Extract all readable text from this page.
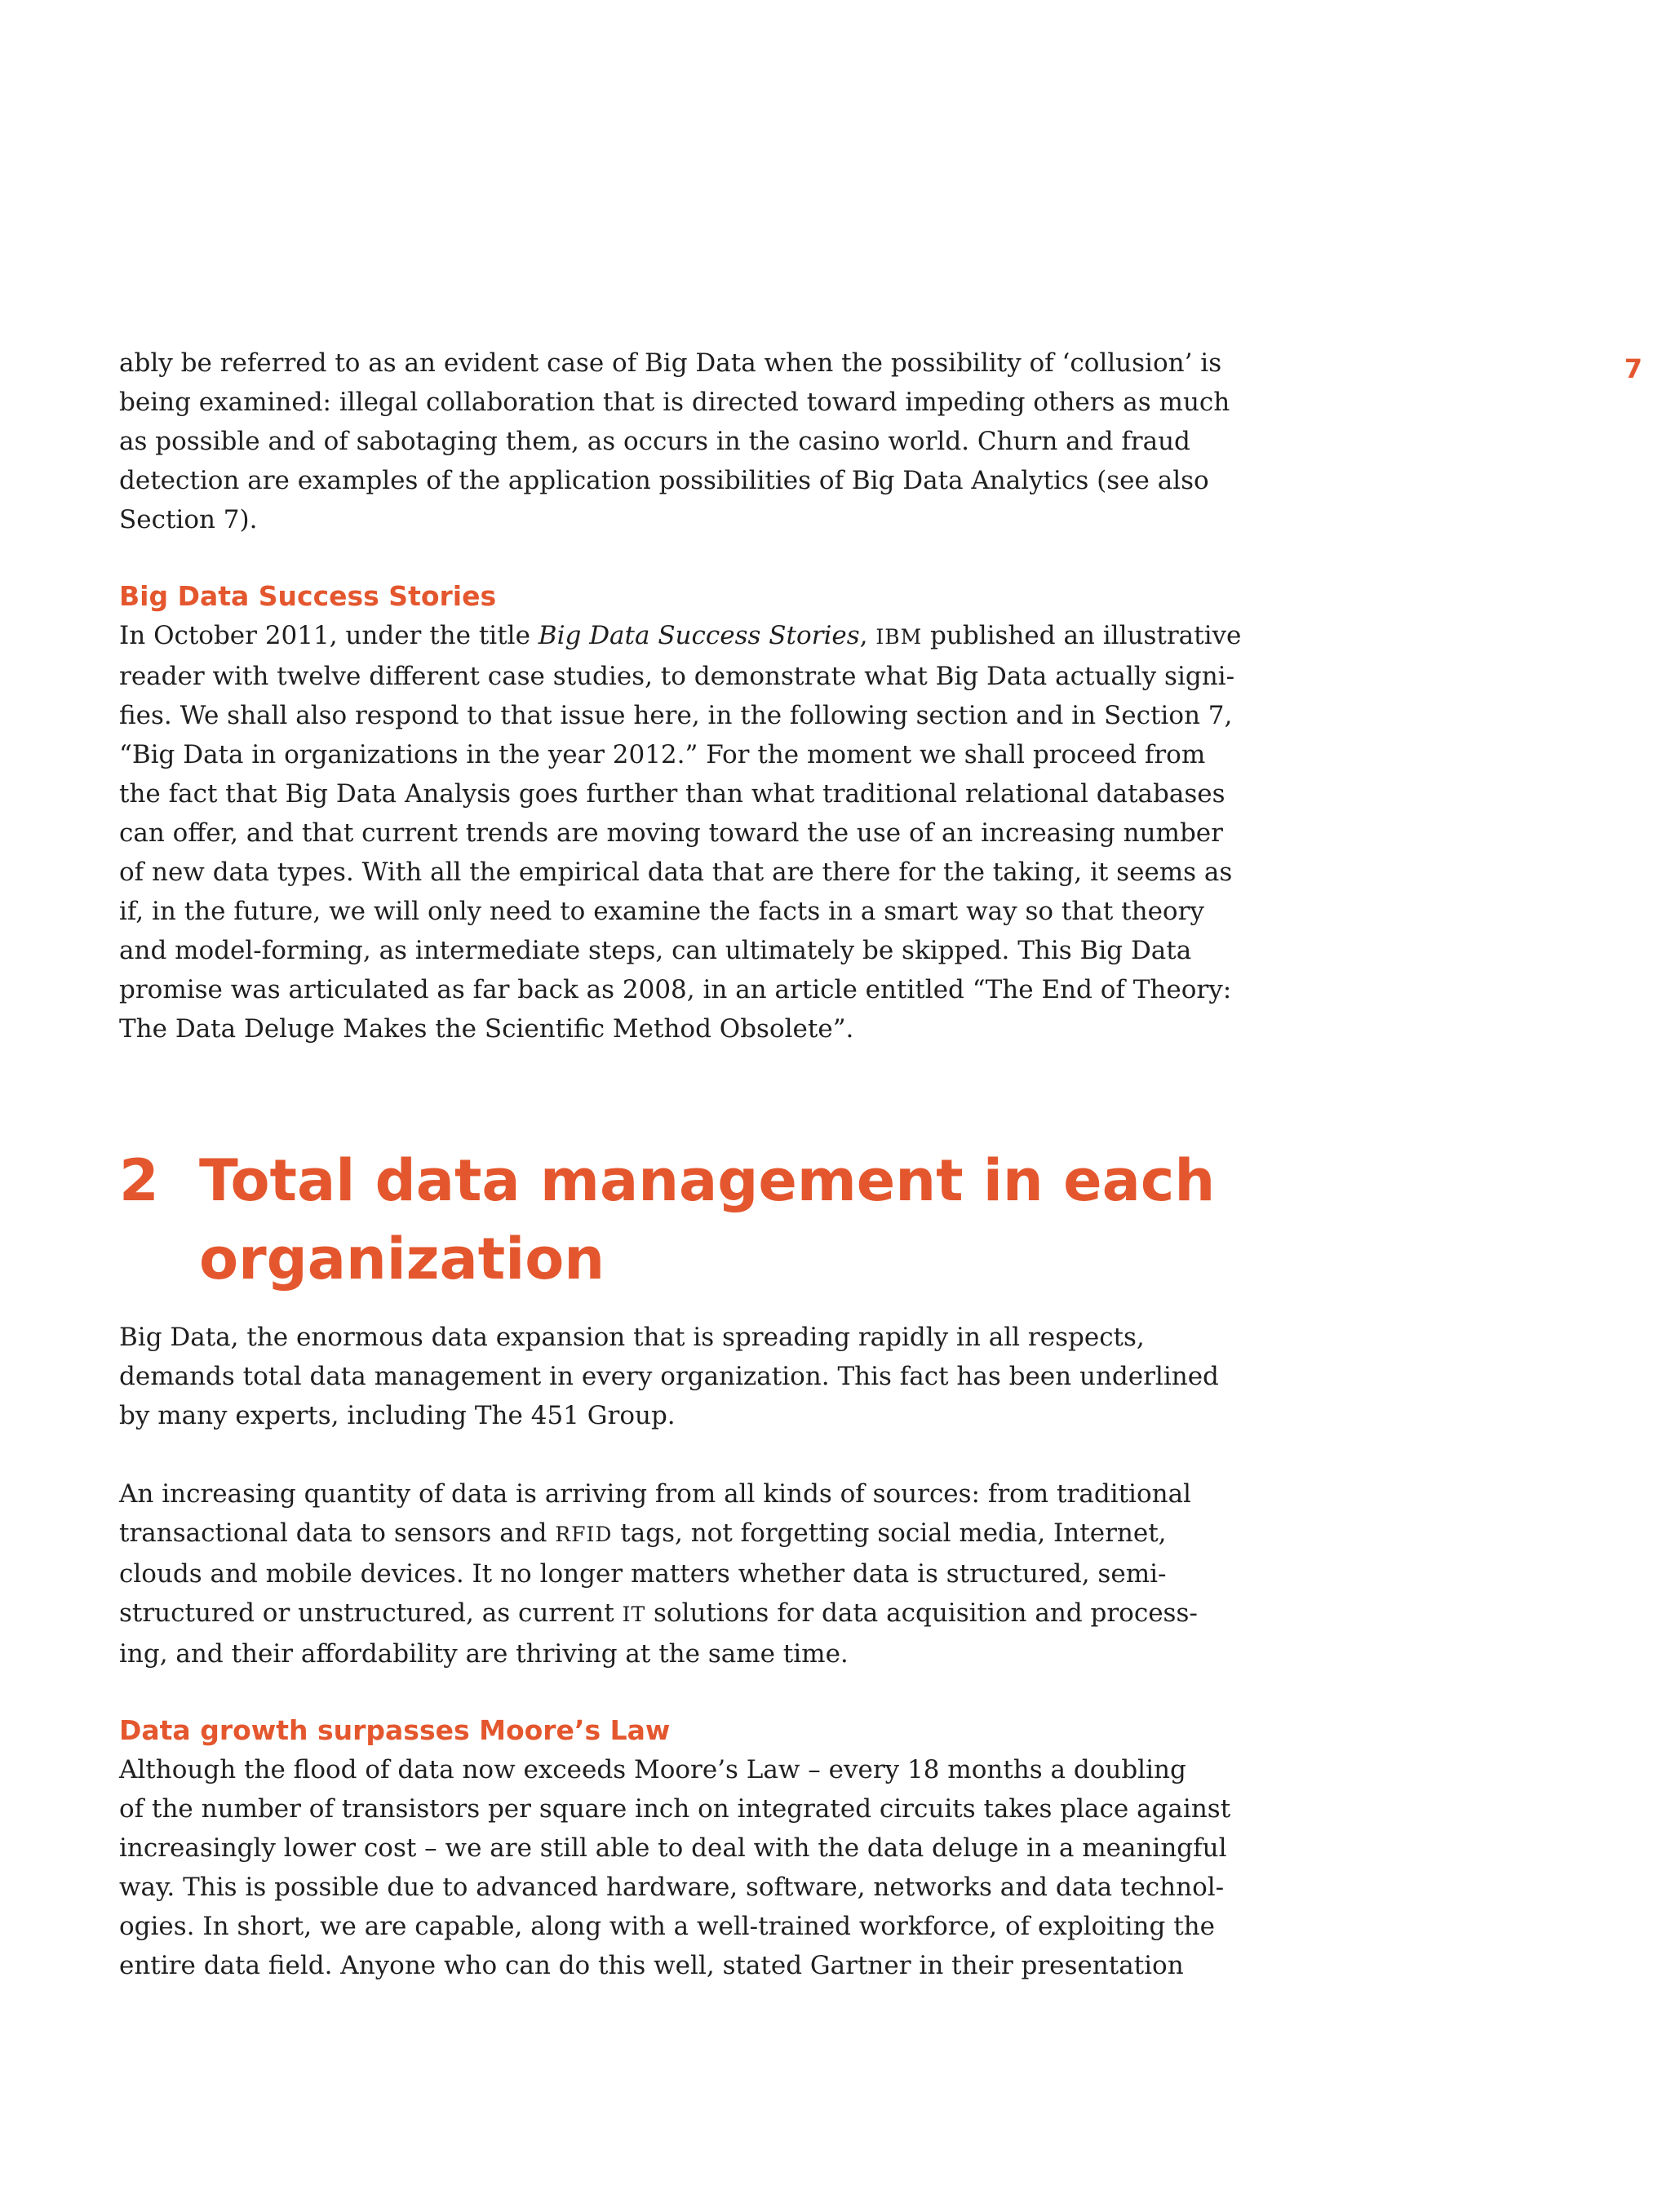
7

ably be referred to as an evident case of Big Data when the possibility of ‘collusion’ is
being examined: illegal collaboration that is directed toward impeding others as much
as possible and of sabotaging them, as occurs in the casino world. Churn and fraud
detection are examples of the application possibilities of Big Data Analytics (see also
Section 7).

Big Data Success Stories

In October 2011, under the title Big Data Success Stories, IBM published an illustrative
reader with twelve different case studies, to demonstrate what Big Data actually signi-
fies. We shall also respond to that issue here, in the following section and in Section 7,
“Big Data in organizations in the year 2012.” For the moment we shall proceed from
the fact that Big Data Analysis goes further than what traditional relational databases
can offer, and that current trends are moving toward the use of an increasing number
of new data types. With all the empirical data that are there for the taking, it seems as
if, in the future, we will only need to examine the facts in a smart way so that theory
and model-forming, as intermediate steps, can ultimately be skipped. This Big Data
promise was articulated as far back as 2008, in an article entitled “The End of Theory:
The Data Deluge Makes the Scientific Method Obsolete”.

2 Total data management in each
organization

Big Data, the enormous data expansion that is spreading rapidly in all respects,
demands total data management in every organization. This fact has been underlined
by many experts, including The 451 Group.

An increasing quantity of data is arriving from all kinds of sources: from traditional
transactional data to sensors and RFID tags, not forgetting social media, Internet,
clouds and mobile devices. It no longer matters whether data is structured, semi-
structured or unstructured, as current IT solutions for data acquisition and process-
ing, and their affordability are thriving at the same time.

Data growth surpasses Moore’s Law

Although the flood of data now exceeds Moore’s Law – every 18 months a doubling
of the number of transistors per square inch on integrated circuits takes place against
increasingly lower cost – we are still able to deal with the data deluge in a meaningful
way. This is possible due to advanced hardware, software, networks and data technol-
ogies. In short, we are capable, along with a well-trained workforce, of exploiting the
entire data field. Anyone who can do this well, stated Gartner in their presentation
